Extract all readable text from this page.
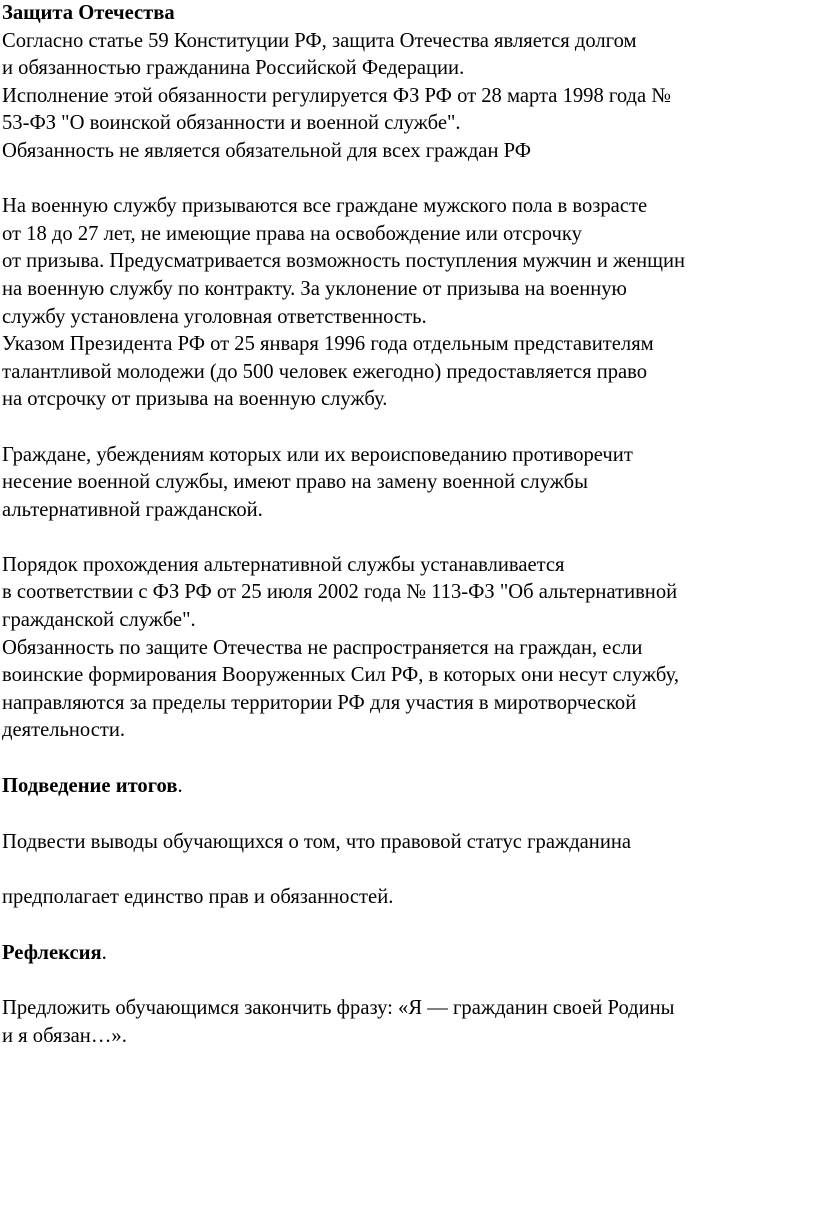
Защита Отечества
Согласно статье 59 Конституции РФ, защита Отечества является долгом
и обязанностью гражданина Российской Федерации.
Исполнение этой обязанности регулируется ФЗ РФ от 28 марта 1998 года №
53-ФЗ "О воинской обязанности и военной службе".
Обязанность не является обязательной для всех граждан РФ
На военную службу призываются все граждане мужского пола в возрасте
от 18 до 27 лет, не имеющие права на освобождение или отсрочку
от призыва. Предусматривается возможность поступления мужчин и женщин
на военную службу по контракту. За уклонение от призыва на военную
службу установлена уголовная ответственность.
Указом Президента РФ от 25 января 1996 года отдельным представителям
талантливой молодежи (до 500 человек ежегодно) предоставляется право
на отсрочку от призыва на военную службу.
Граждане, убеждениям которых или их вероисповеданию противоречит
несение военной службы, имеют право на замену военной службы
альтернативной гражданской.
Порядок прохождения альтернативной службы устанавливается
в соответствии с ФЗ РФ от 25 июля 2002 года № 113-ФЗ "Об альтернативной
гражданской службе".
Обязанность по защите Отечества не распространяется на граждан, если
воинские формирования Вооруженных Сил РФ, в которых они несут службу,
направляются за пределы территории РФ для участия в миротворческой
деятельности.
Подведение итогов.
Подвести выводы обучающихся о том, что правовой статус гражданина
предполагает единство прав и обязанностей.
Рефлексия.
Предложить обучающимся закончить фразу: «Я — гражданин своей Родины
и я обязан…».
